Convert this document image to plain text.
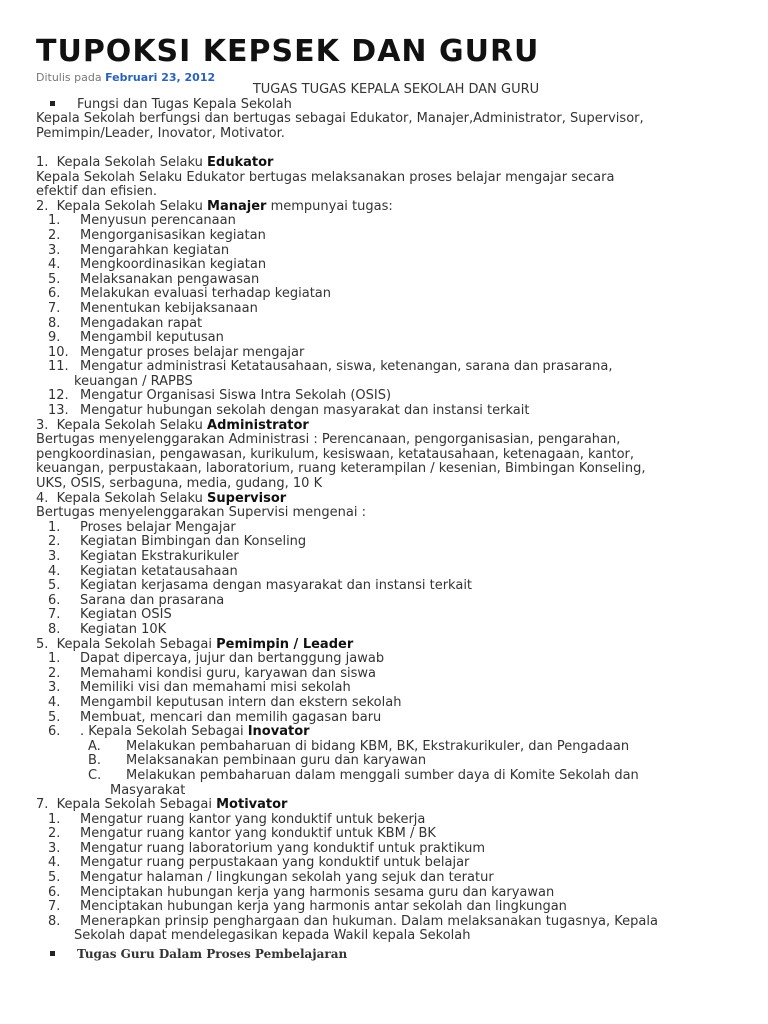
TUPOKSI KEPSEK DAN GURU
Ditulis pada Februari 23, 2012
TUGAS TUGAS KEPALA SEKOLAH DAN GURU
Fungsi dan Tugas Kepala Sekolah
Kepala Sekolah berfungsi dan bertugas sebagai Edukator, Manajer,Administrator, Supervisor,
Pemimpin/Leader, Inovator, Motivator.
1. Kepala Sekolah Selaku Edukator
Kepala Sekolah Selaku Edukator bertugas melaksanakan proses belajar mengajar secara
efektif dan efisien.
2. Kepala Sekolah Selaku Manajer mempunyai tugas:
1. Menyusun perencanaan
2. Mengorganisasikan kegiatan
3. Mengarahkan kegiatan
4. Mengkoordinasikan kegiatan
5. Melaksanakan pengawasan
6. Melakukan evaluasi terhadap kegiatan
7. Menentukan kebijaksanaan
8. Mengadakan rapat
9. Mengambil keputusan
10. Mengatur proses belajar mengajar
11. Mengatur administrasi Ketatausahaan, siswa, ketenangan, sarana dan prasarana,
keuangan / RAPBS
12. Mengatur Organisasi Siswa Intra Sekolah (OSIS)
13. Mengatur hubungan sekolah dengan masyarakat dan instansi terkait
3. Kepala Sekolah Selaku Administrator
Bertugas menyelenggarakan Administrasi : Perencanaan, pengorganisasian, pengarahan,
pengkoordinasian, pengawasan, kurikulum, kesiswaan, ketatausahaan, ketenagaan, kantor,
keuangan, perpustakaan, laboratorium, ruang keterampilan / kesenian, Bimbingan Konseling,
UKS, OSIS, serbaguna, media, gudang, 10 K
4. Kepala Sekolah Selaku Supervisor
Bertugas menyelenggarakan Supervisi mengenai :
1. Proses belajar Mengajar
2. Kegiatan Bimbingan dan Konseling
3. Kegiatan Ekstrakurikuler
4. Kegiatan ketatausahaan
5. Kegiatan kerjasama dengan masyarakat dan instansi terkait
6. Sarana dan prasarana
7. Kegiatan OSIS
8. Kegiatan 10K
5. Kepala Sekolah Sebagai Pemimpin / Leader
1. Dapat dipercaya, jujur dan bertanggung jawab
2. Memahami kondisi guru, karyawan dan siswa
3. Memiliki visi dan memahami misi sekolah
4. Mengambil keputusan intern dan ekstern sekolah
5. Membuat, mencari dan memilih gagasan baru
6. . Kepala Sekolah Sebagai Inovator
A. Melakukan pembaharuan di bidang KBM, BK, Ekstrakurikuler, dan Pengadaan
B. Melaksanakan pembinaan guru dan karyawan
C. Melakukan pembaharuan dalam menggali sumber daya di Komite Sekolah dan
Masyarakat
7. Kepala Sekolah Sebagai Motivator
1. Mengatur ruang kantor yang konduktif untuk bekerja
2. Mengatur ruang kantor yang konduktif untuk KBM / BK
3. Mengatur ruang laboratorium yang konduktif untuk praktikum
4. Mengatur ruang perpustakaan yang konduktif untuk belajar
5. Mengatur halaman / lingkungan sekolah yang sejuk dan teratur
6. Menciptakan hubungan kerja yang harmonis sesama guru dan karyawan
7. Menciptakan hubungan kerja yang harmonis antar sekolah dan lingkungan
8. Menerapkan prinsip penghargaan dan hukuman. Dalam melaksanakan tugasnya, Kepala
Sekolah dapat mendelegasikan kepada Wakil kepala Sekolah
Tugas Guru Dalam Proses Pembelajaran
